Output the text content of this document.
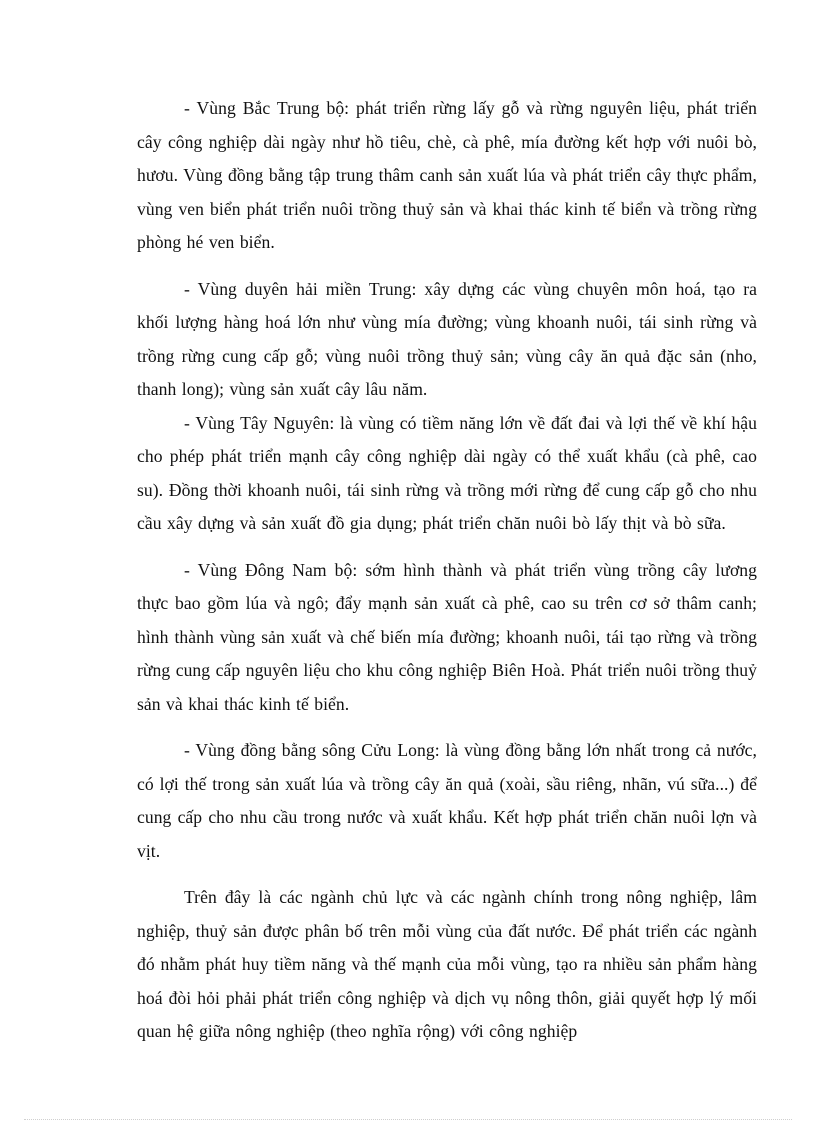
- Vùng Bắc Trung bộ: phát triển rừng lấy gỗ và rừng nguyên liệu, phát triển cây công nghiệp dài ngày như hồ tiêu, chè, cà phê, mía đường kết hợp với nuôi bò, hươu. Vùng đồng bằng tập trung thâm canh sản xuất lúa và phát triển cây thực phẩm, vùng ven biển phát triển nuôi trồng thuỷ sản và khai thác kinh tế biển và trồng rừng phòng hé ven biển.

- Vùng duyên hải miền Trung: xây dựng các vùng chuyên môn hoá, tạo ra khối lượng hàng hoá lớn như vùng mía đường; vùng khoanh nuôi, tái sinh rừng và trồng rừng cung cấp gỗ; vùng nuôi trồng thuỷ sản; vùng cây ăn quả đặc sản (nho, thanh long); vùng sản xuất cây lâu năm.

- Vùng Tây Nguyên: là vùng có tiềm năng lớn về đất đai và lợi thế về khí hậu cho phép phát triển mạnh cây công nghiệp dài ngày có thể xuất khẩu (cà phê, cao su). Đồng thời khoanh nuôi, tái sinh rừng và trồng mới rừng để cung cấp gỗ cho nhu cầu xây dựng và sản xuất đồ gia dụng; phát triển chăn nuôi bò lấy thịt và bò sữa.

- Vùng Đông Nam bộ: sớm hình thành và phát triển vùng trồng cây lương thực bao gồm lúa và ngô; đẩy mạnh sản xuất cà phê, cao su trên cơ sở thâm canh; hình thành vùng sản xuất và chế biến mía đường; khoanh nuôi, tái tạo rừng và trồng rừng cung cấp nguyên liệu cho khu công nghiệp Biên Hoà. Phát triển nuôi trồng thuỷ sản và khai thác kinh tế biển.

- Vùng đồng bằng sông Cửu Long: là vùng đồng bằng lớn nhất trong cả nước, có lợi thế trong sản xuất lúa và trồng cây ăn quả (xoài, sầu riêng, nhãn, vú sữa...) để cung cấp cho nhu cầu trong nước và xuất khẩu. Kết hợp phát triển chăn nuôi lợn và vịt.

Trên đây là các ngành chủ lực và các ngành chính trong nông nghiệp, lâm nghiệp, thuỷ sản được phân bố trên mỗi vùng của đất nước. Để phát triển các ngành đó nhằm phát huy tiềm năng và thế mạnh của mỗi vùng, tạo ra nhiều sản phẩm hàng hoá đòi hỏi phải phát triển công nghiệp và dịch vụ nông thôn, giải quyết hợp lý mối quan hệ giữa nông nghiệp (theo nghĩa rộng) với công nghiệp
